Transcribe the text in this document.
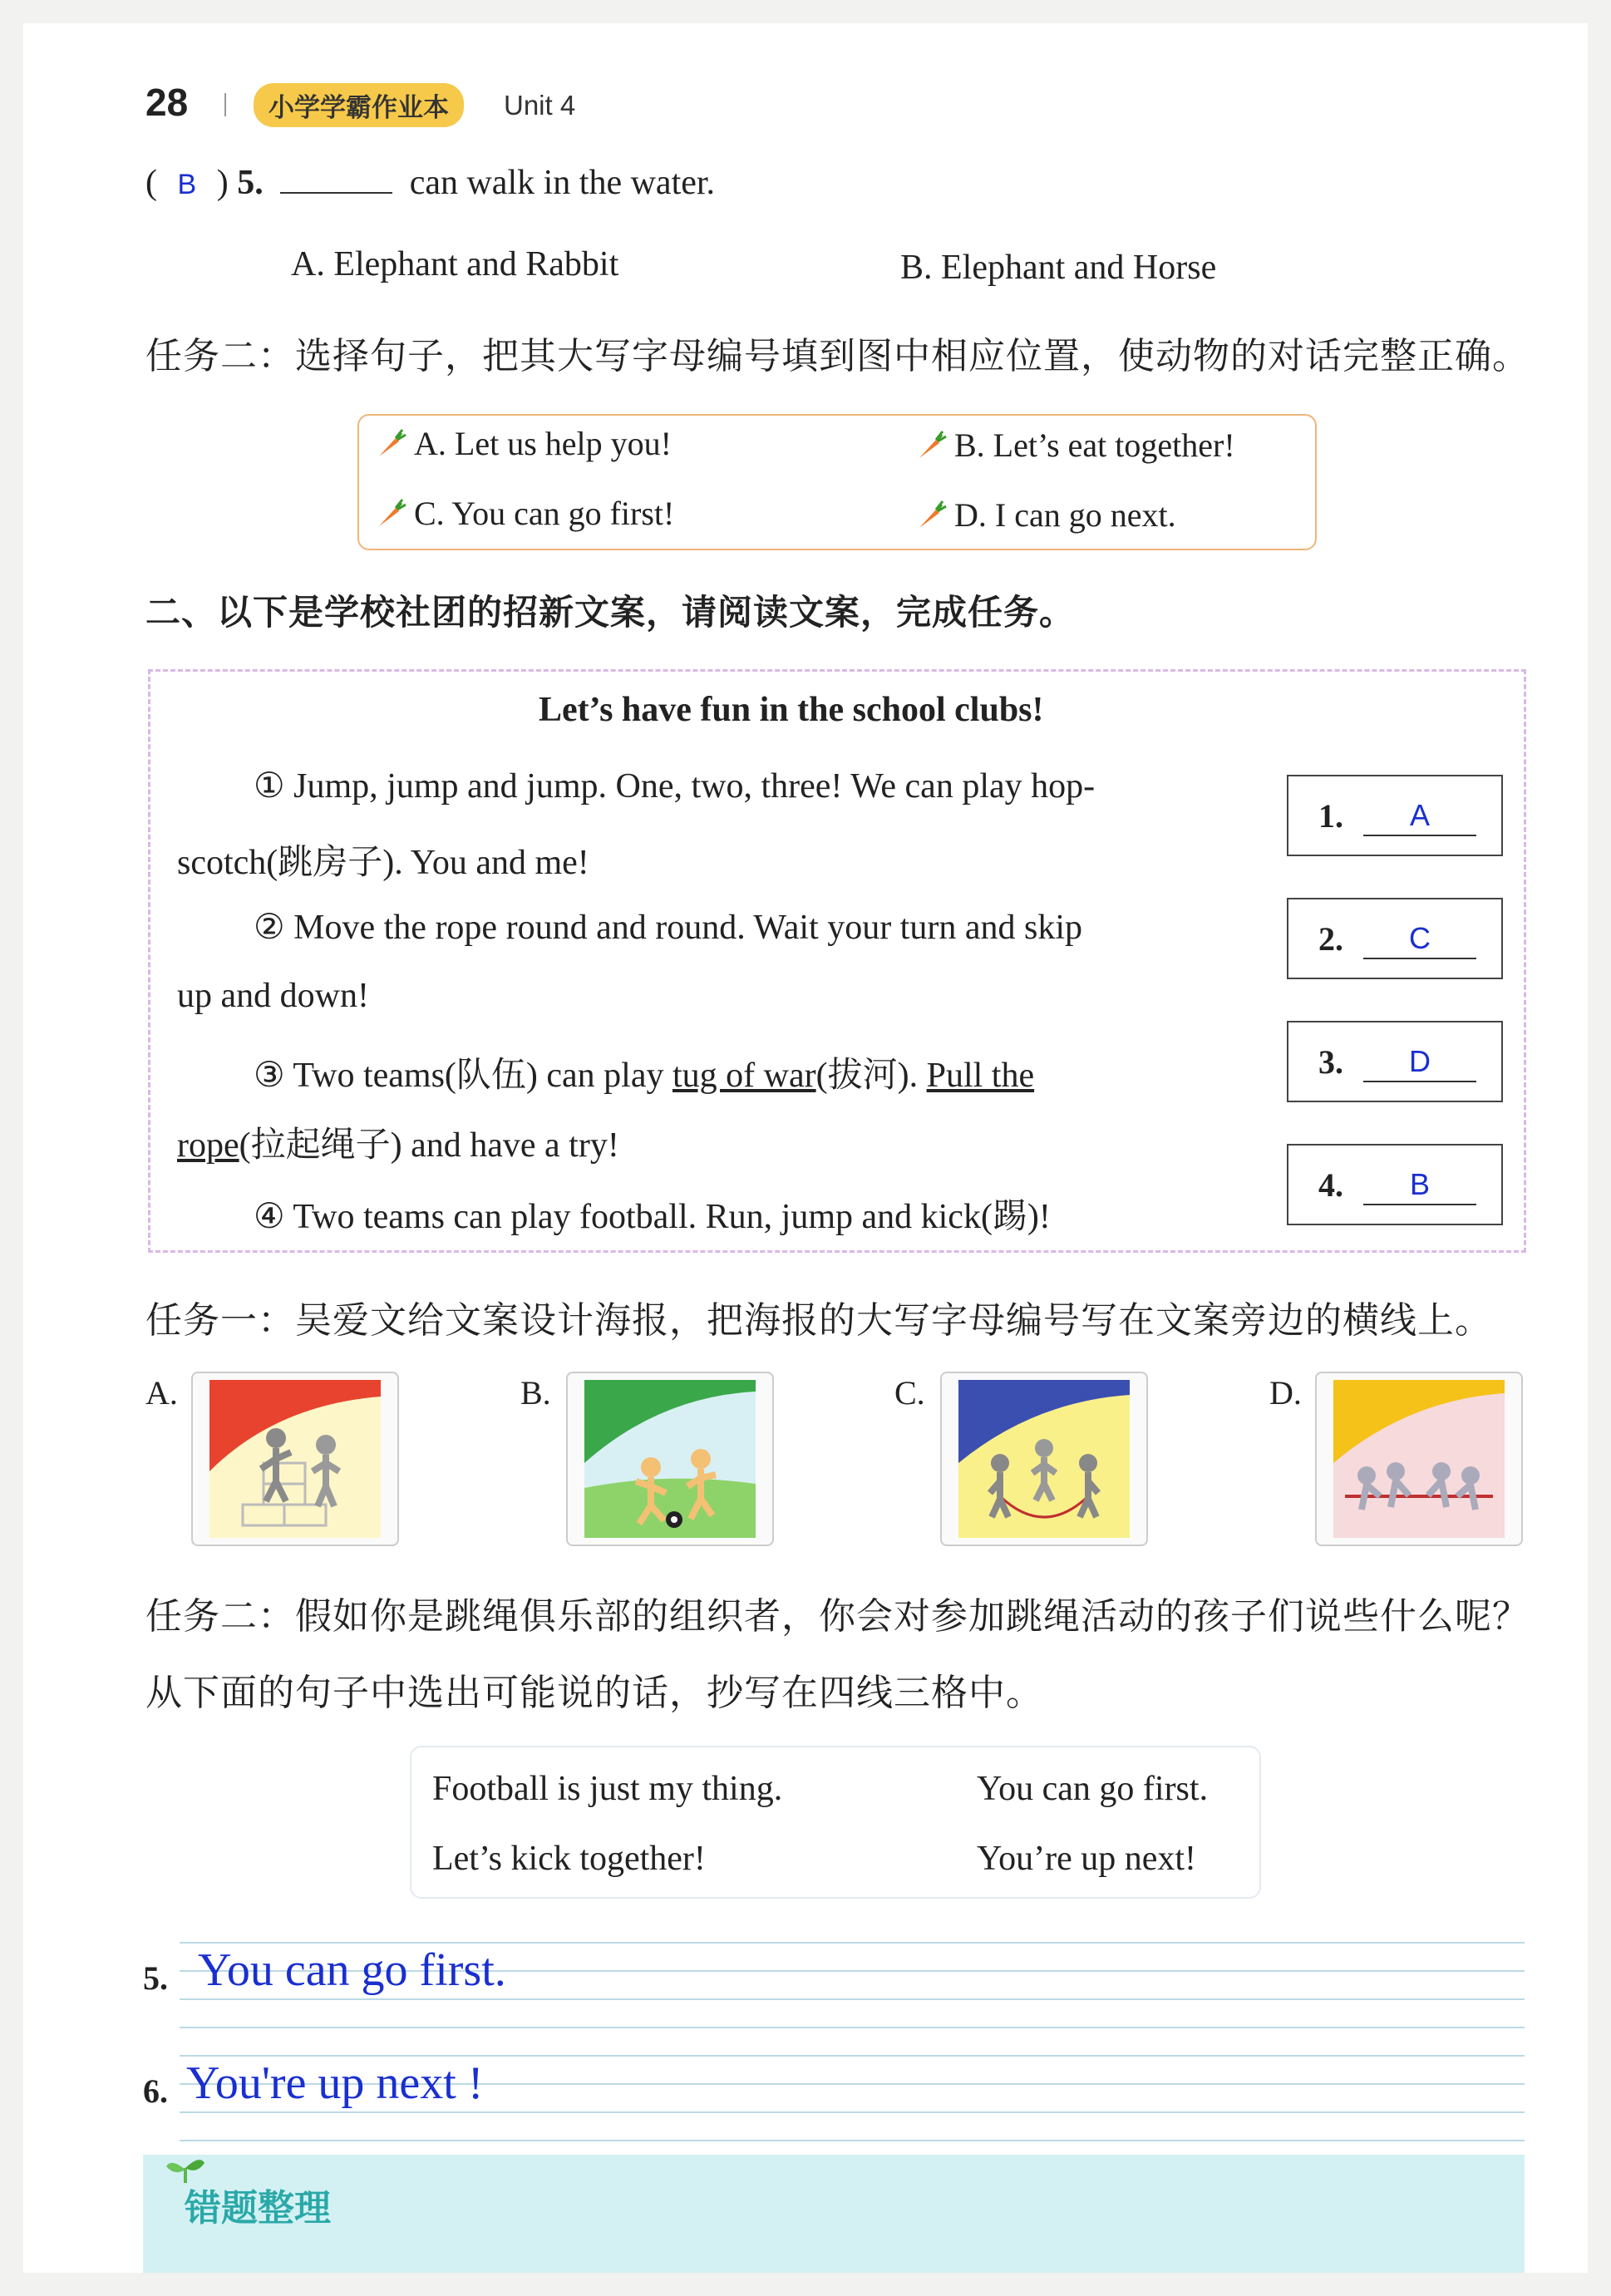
28	小学学霸作业本	Unit 4
( B ) 5.	can walk in the water.
A. Elephant and Rabbit	B. Elephant and Horse
任务二：选择句子，把其大写字母编号填到图中相应位置，使动物的对话完整正确。
A. Let us help you!	B. Let’s eat together!
C. You can go first!	D. I can go next.
二、以下是学校社团的招新文案，请阅读文案，完成任务。
Let’s have fun in the school clubs!
① Jump, jump and jump. One, two, three! We can play hop-
scotch(跳房子). You and me!
② Move the rope round and round. Wait your turn and skip
up and down!
③ Two teams(队伍) can play tug of war(拔河). Pull the
rope(拉起绳子) and have a try!
④ Two teams can play football. Run, jump and kick(踢)!
1.	A
2.	C
3.	D
4.	B
任务一：吴爱文给文案设计海报，把海报的大写字母编号写在文案旁边的横线上。
A.	B.	C.	D.
任务二：假如你是跳绳俱乐部的组织者，你会对参加跳绳活动的孩子们说些什么呢？
从下面的句子中选出可能说的话，抄写在四线三格中。
Football is just my thing.	You can go first.
Let’s kick together!	You’re up next!
5. You can go first.
6. You're up next !
错题整理
